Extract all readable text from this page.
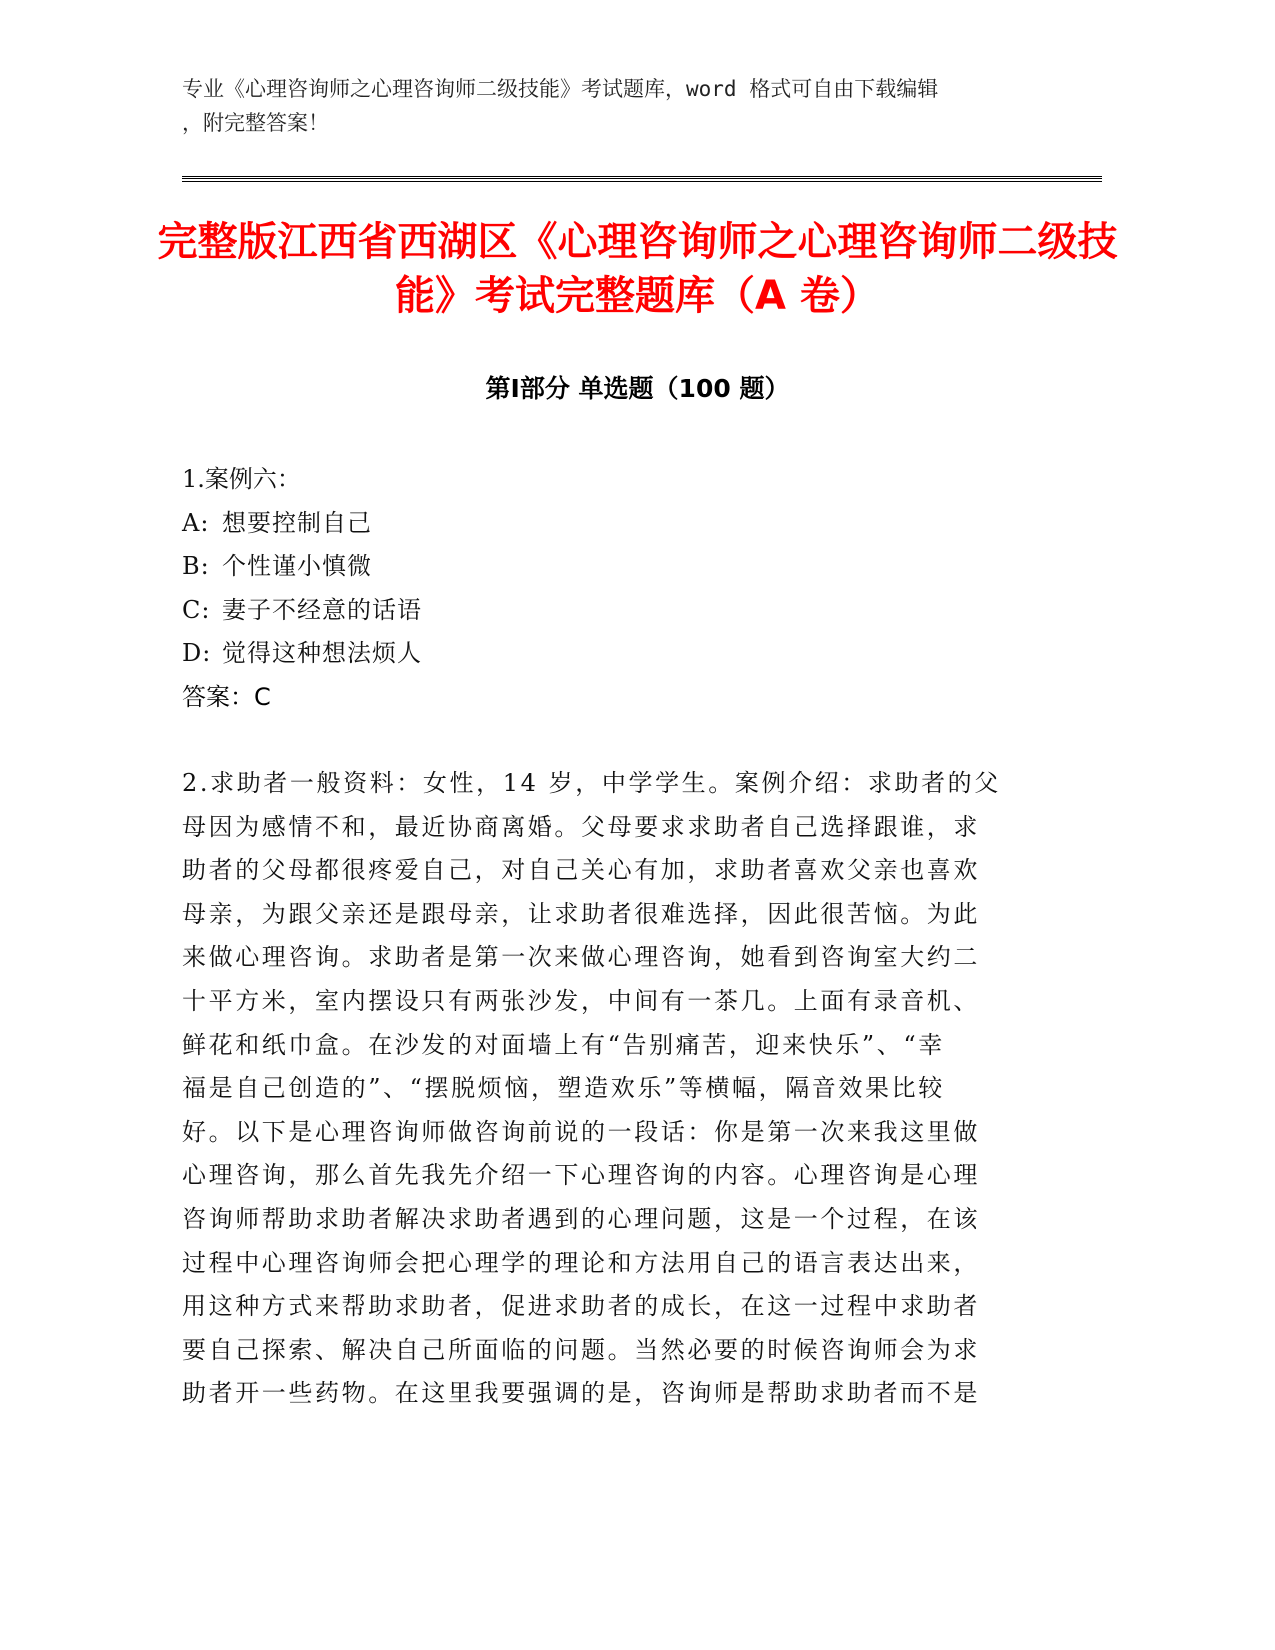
专业《心理咨询师之心理咨询师二级技能》考试题库，word 格式可自由下载编辑
，附完整答案！
完整版江西省西湖区《心理咨询师之心理咨询师二级技能》考试完整题库（A 卷）
第Ⅰ部分 单选题（100 题）
1.案例六：
A: 想要控制自己
B: 个性谨小慎微
C: 妻子不经意的话语
D: 觉得这种想法烦人
答案：C
2.求助者一般资料：女性，14 岁，中学学生。案例介绍：求助者的父
母因为感情不和，最近协商离婚。父母要求求助者自己选择跟谁，求
助者的父母都很疼爱自己，对自己关心有加，求助者喜欢父亲也喜欢
母亲，为跟父亲还是跟母亲，让求助者很难选择，因此很苦恼。为此
来做心理咨询。求助者是第一次来做心理咨询，她看到咨询室大约二
十平方米，室内摆设只有两张沙发，中间有一茶几。上面有录音机、
鲜花和纸巾盒。在沙发的对面墙上有“告别痛苦，迎来快乐”、“幸
福是自己创造的”、“摆脱烦恼，塑造欢乐”等横幅，隔音效果比较
好。以下是心理咨询师做咨询前说的一段话：你是第一次来我这里做
心理咨询，那么首先我先介绍一下心理咨询的内容。心理咨询是心理
咨询师帮助求助者解决求助者遇到的心理问题，这是一个过程，在该
过程中心理咨询师会把心理学的理论和方法用自己的语言表达出来，
用这种方式来帮助求助者，促进求助者的成长，在这一过程中求助者
要自己探索、解决自己所面临的问题。当然必要的时候咨询师会为求
助者开一些药物。在这里我要强调的是，咨询师是帮助求助者而不是
